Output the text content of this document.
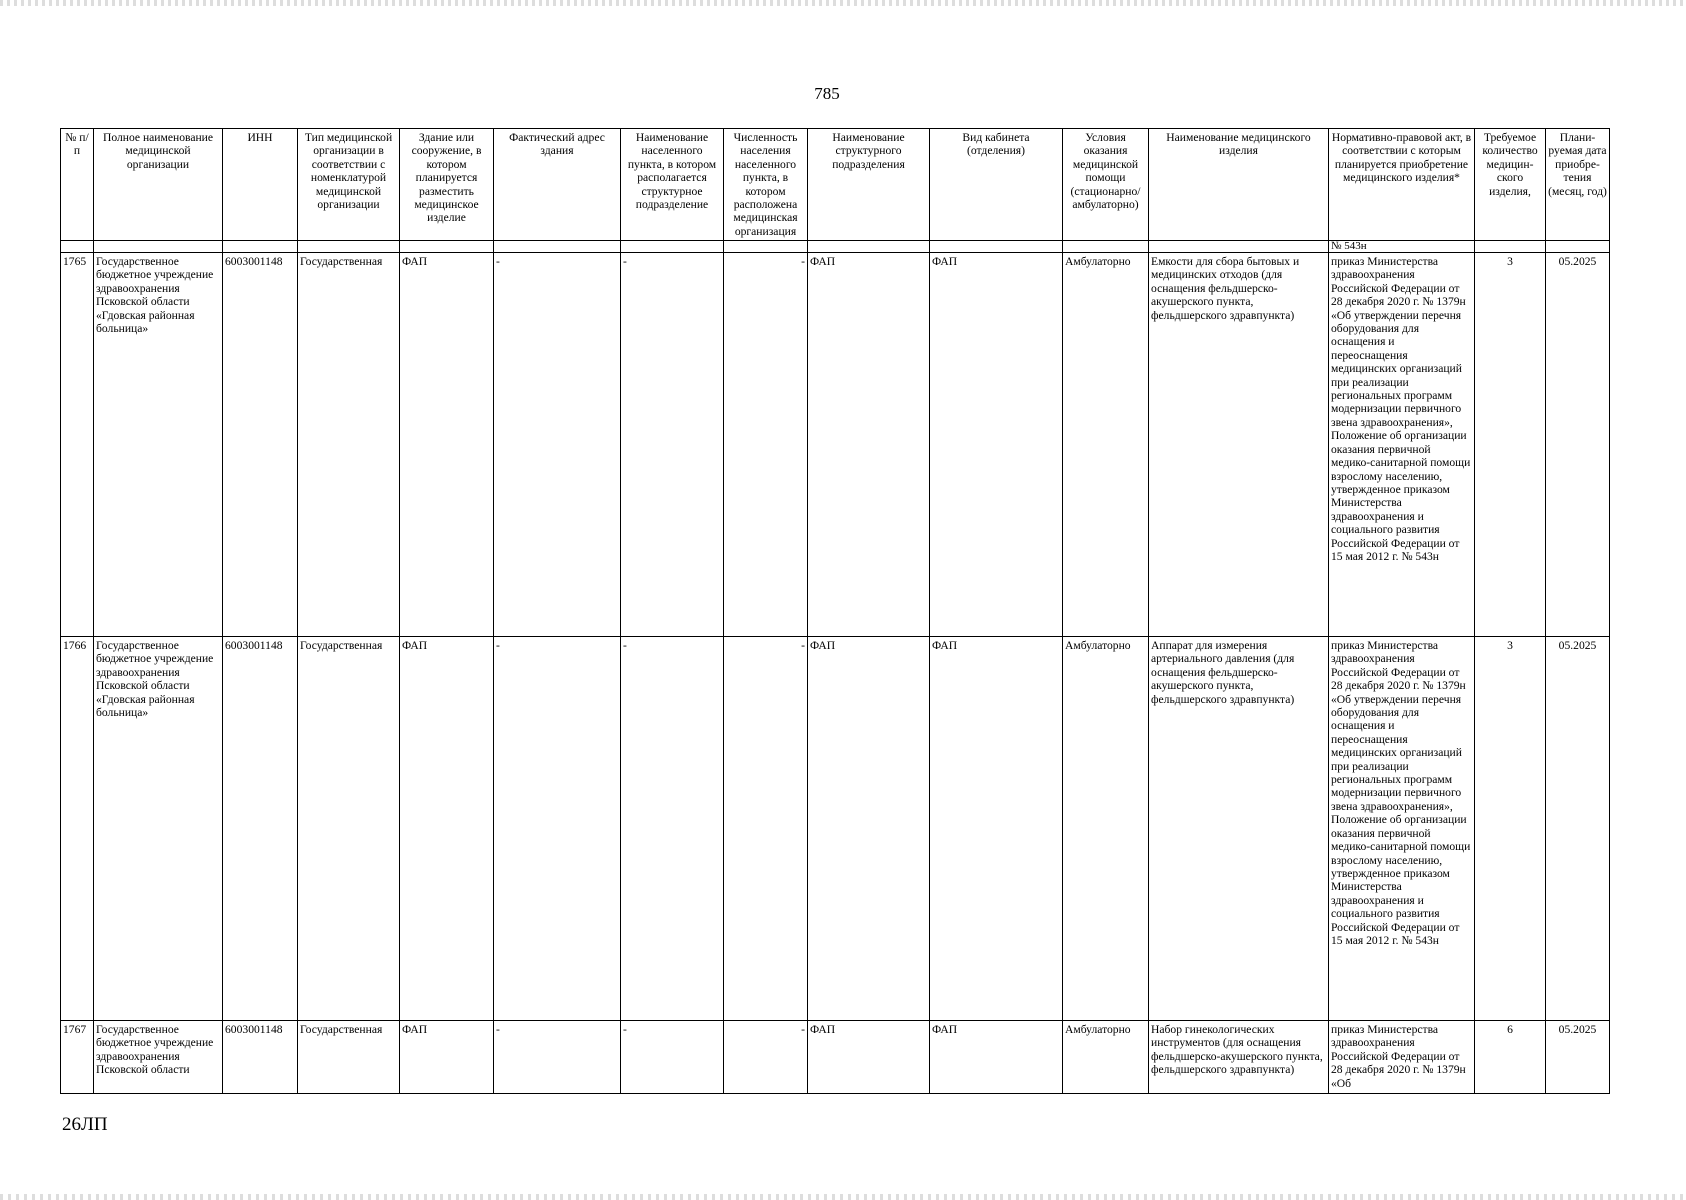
785
№ п/п	Полное наименование медицинской организации	ИНН	Тип медицинской организации в соответствии с номенклатурой медицинской организации	Здание или сооружение, в котором планируется разместить медицинское изделие	Фактический адрес здания	Наименование населенного пункта, в котором располагается структурное подразделение	Численность населения населенного пункта, в котором расположена медицинская организация	Наименование структурного подразделения	Вид кабинета (отделения)	Условия оказания медицинской помощи (стационарно/ амбулаторно)	Наименование медицинского изделия	Нормативно-правовой акт, в соответствии с которым планируется приобретение медицинского изделия*	Требуемое количество медицин-ского изделия,	Плани-руемая дата приобре-тения (месяц, год)
												№ 543н		
1765	Государственное бюджетное учреждение здравоохранения Псковской области «Гдовская районная больница»	6003001148	Государственная	ФАП	-	-	-	ФАП	ФАП	Амбулаторно	Емкости для сбора бытовых и медицинских отходов (для оснащения фельдшерско-акушерского пункта, фельдшерского здравпункта)	приказ Министерства здравоохранения Российской Федерации от 28 декабря 2020 г. № 1379н «Об утверждении перечня оборудования для оснащения и переоснащения медицинских организаций при реализации региональных программ модернизации первичного звена здравоохранения», Положение об организации оказания первичной медико-санитарной помощи взрослому населению, утвержденное приказом Министерства здравоохранения и социального развития Российской Федерации от 15 мая 2012 г. № 543н	3	05.2025
1766	Государственное бюджетное учреждение здравоохранения Псковской области «Гдовская районная больница»	6003001148	Государственная	ФАП	-	-	-	ФАП	ФАП	Амбулаторно	Аппарат для измерения артериального давления (для оснащения фельдшерско-акушерского пункта, фельдшерского здравпункта)	приказ Министерства здравоохранения Российской Федерации от 28 декабря 2020 г. № 1379н «Об утверждении перечня оборудования для оснащения и переоснащения медицинских организаций при реализации региональных программ модернизации первичного звена здравоохранения», Положение об организации оказания первичной медико-санитарной помощи взрослому населению, утвержденное приказом Министерства здравоохранения и социального развития Российской Федерации от 15 мая 2012 г. № 543н	3	05.2025
1767	Государственное бюджетное учреждение здравоохранения Псковской области	6003001148	Государственная	ФАП	-	-	-	ФАП	ФАП	Амбулаторно	Набор гинекологических инструментов (для оснащения фельдшерско-акушерского пункта, фельдшерского здравпункта)	приказ Министерства здравоохранения Российской Федерации от 28 декабря 2020 г. № 1379н «Об	6	05.2025
26ЛП
